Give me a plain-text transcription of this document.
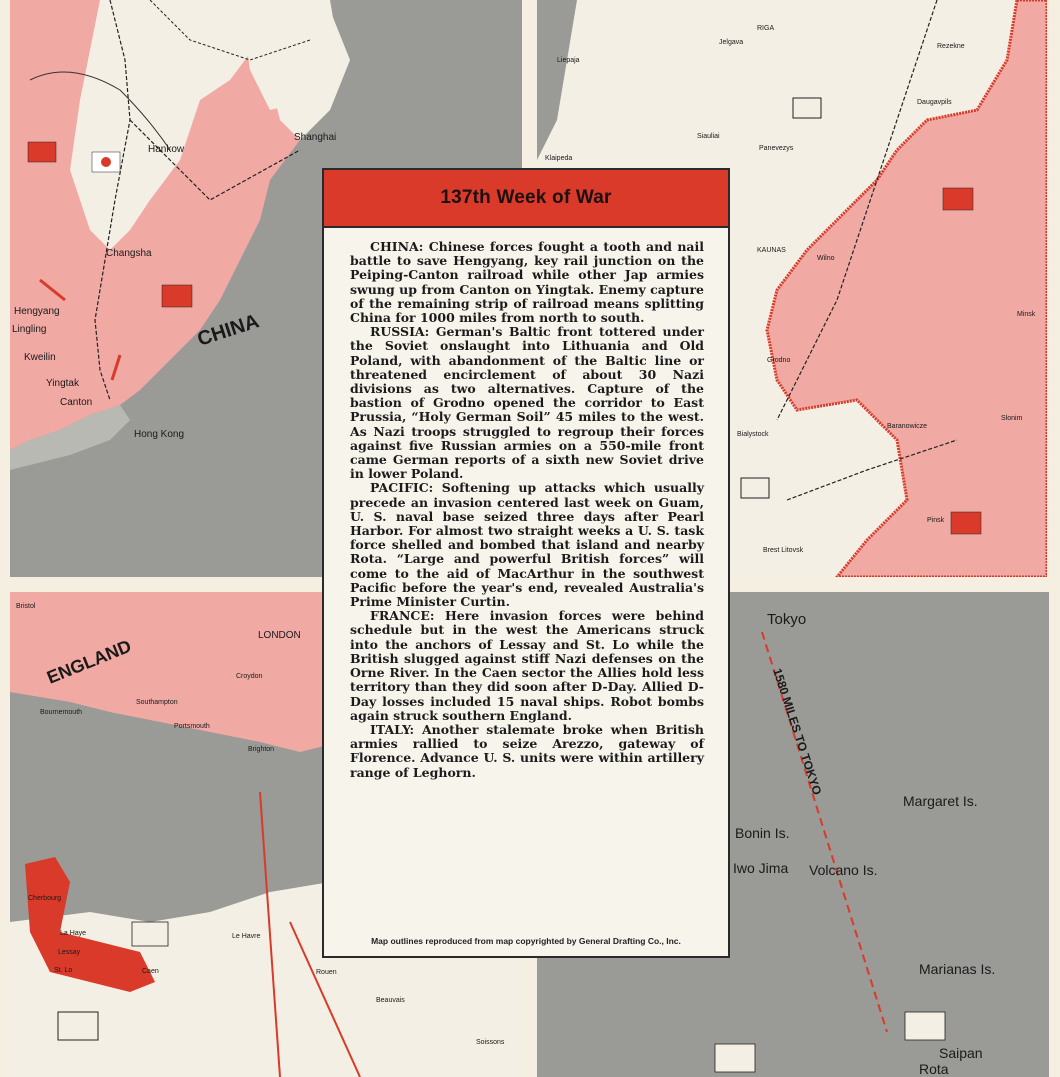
CHINA
Hankow
Shanghai
Changsha
Hengyang
Lingling
Kweilin
Yingtak
Canton
Hong Kong
RIGA
Liepaja
Jelgava
Rezekne
Siauliai
Panevezys
Daugavpils
Klaipeda
KAUNAS
Wilno
Minsk
Grodno
Bialystock
Baranowicze
Slonim
Pinsk
Brest Litovsk
ENGLAND
Bristol
LONDON
Croydon
Southampton
Bournemouth
Portsmouth
Brighton
Cherbourg
La Haye
Lessay
St. Lo	Caen
Le Havre
Rouen
Beauvais
Soissons
1580 MILES TO TOKYO
Tokyo
Margaret Is.
Bonin Is.
Iwo Jima Volcano Is.
Marianas Is.
Saipan
Rota
137th Week of War

CHINA: Chinese forces fought a tooth and nail battle to save Hengyang, key rail junction on the Peiping-Canton railroad while other Jap armies swung up from Canton on Yingtak. Enemy capture of the remaining strip of railroad means splitting China for 1000 miles from north to south.

RUSSIA: German's Baltic front tottered under the Soviet onslaught into Lithuania and Old Poland, with abandonment of the Baltic line or threatened encirclement of about 30 Nazi divisions as two alternatives. Capture of the bastion of Grodno opened the corridor to East Prussia, “Holy German Soil” 45 miles to the west. As Nazi troops struggled to regroup their forces against five Russian armies on a 550-mile front came German reports of a sixth new Soviet drive in lower Poland.

PACIFIC: Softening up attacks which usually precede an invasion centered last week on Guam, U. S. naval base seized three days after Pearl Harbor. For almost two straight weeks a U. S. task force shelled and bombed that island and nearby Rota. “Large and powerful British forces” will come to the aid of MacArthur in the southwest Pacific before the year's end, revealed Australia's Prime Minister Curtin.

FRANCE: Here invasion forces were behind schedule but in the west the Americans struck into the anchors of Lessay and St. Lo while the British slugged against stiff Nazi defenses on the Orne River. In the Caen sector the Allies hold less territory than they did soon after D-Day. Allied D-Day losses included 15 naval ships. Robot bombs again struck southern England.

ITALY: Another stalemate broke when British armies rallied to seize Arezzo, gateway of Florence. Advance U. S. units were within artillery range of Leghorn.

Map outlines reproduced from map copyrighted by General Drafting Co., Inc.
